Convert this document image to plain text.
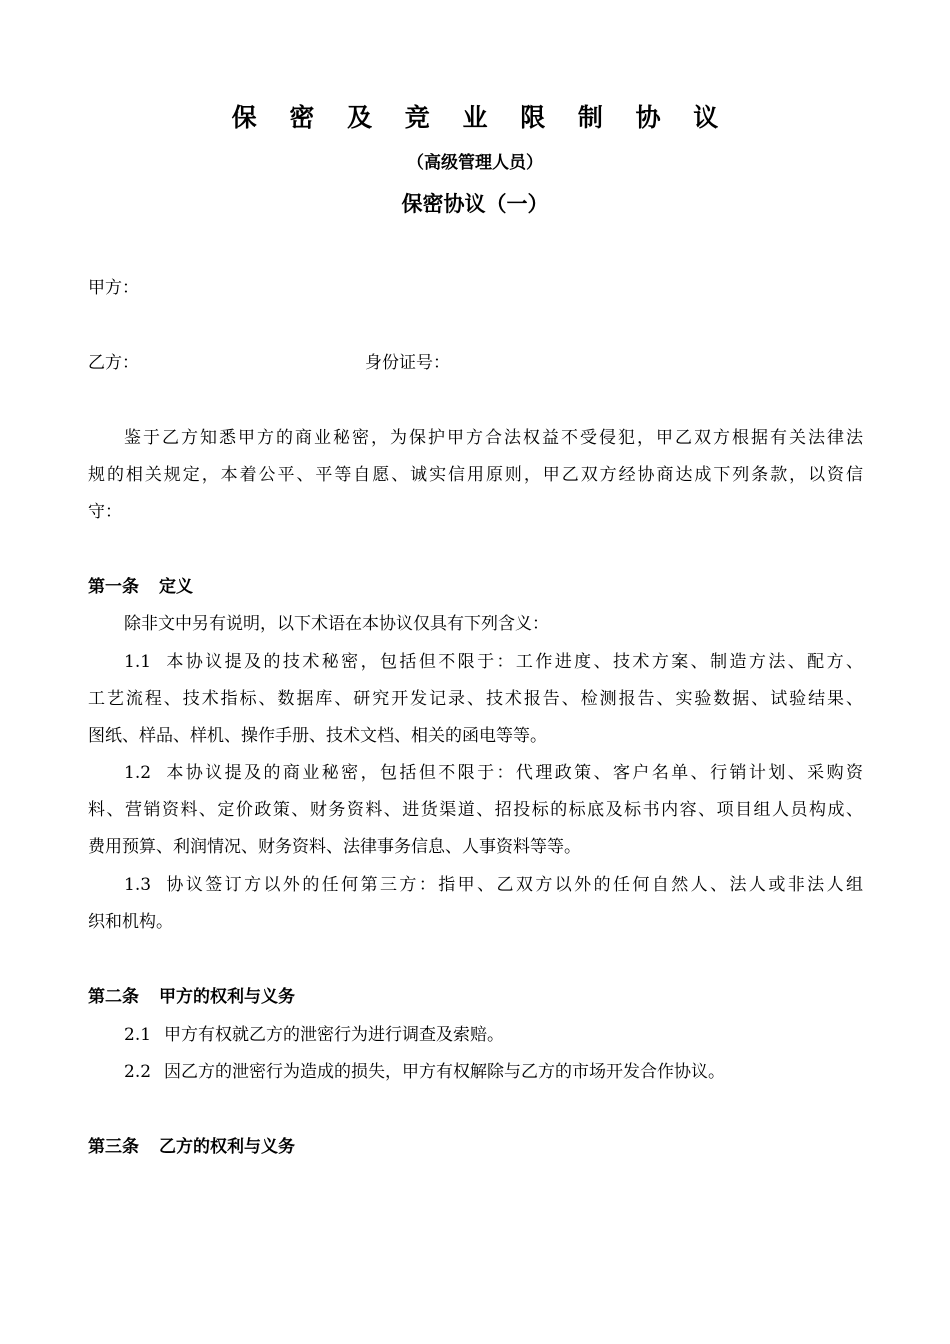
保 密 及 竞 业 限 制 协 议
（高级管理人员）
保密协议（一）
甲方：
乙方：	身份证号：
鉴于乙方知悉甲方的商业秘密，为保护甲方合法权益不受侵犯，甲乙双方根据有关法律法
规的相关规定，本着公平、平等自愿、诚实信用原则，甲乙双方经协商达成下列条款，以资信
守：
第一条 定义
除非文中另有说明，以下术语在本协议仅具有下列含义：
1.1 本协议提及的技术秘密，包括但不限于：工作进度、技术方案、制造方法、配方、
工艺流程、技术指标、数据库、研究开发记录、技术报告、检测报告、实验数据、试验结果、
图纸、样品、样机、操作手册、技术文档、相关的函电等等。
1.2 本协议提及的商业秘密，包括但不限于：代理政策、客户名单、行销计划、采购资
料、营销资料、定价政策、财务资料、进货渠道、招投标的标底及标书内容、项目组人员构成、
费用预算、利润情况、财务资料、法律事务信息、人事资料等等。
1.3 协议签订方以外的任何第三方：指甲、乙双方以外的任何自然人、法人或非法人组
织和机构。
第二条 甲方的权利与义务
2.1 甲方有权就乙方的泄密行为进行调查及索赔。
2.2 因乙方的泄密行为造成的损失，甲方有权解除与乙方的市场开发合作协议。
第三条 乙方的权利与义务
